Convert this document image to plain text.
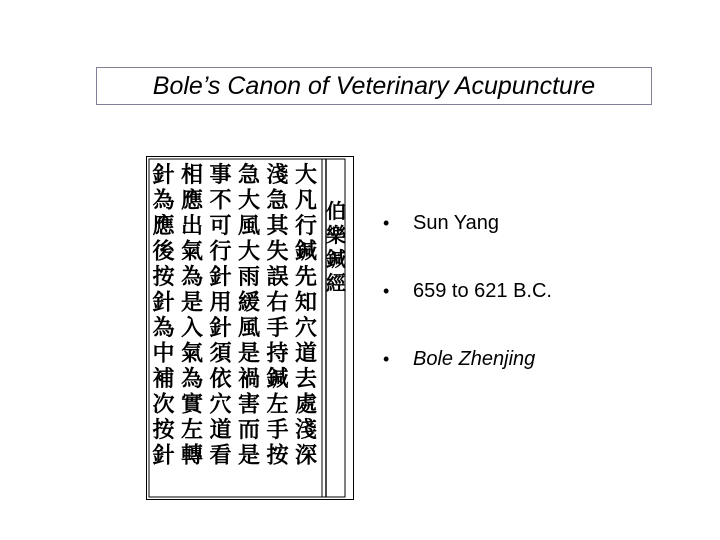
Bole’s Canon of Veterinary Acupuncture
伯
樂
鍼
經
大
凡
行
鍼
先
知
穴
道
去
處
淺
深
淺
急
其
失
誤
右
手
持
鍼
左
手
按
急
大
風
大
雨
緩
風
是
禍
害
而
是
事
不
可
行
針
用
針
須
依
穴
道
看
相
應
出
氣
為
是
入
氣
為
實
左
轉
針
為
應
後
按
針
為
中
補
次
按
針
• Sun Yang
• 659 to 621 B.C.
• Bole Zhenjing
